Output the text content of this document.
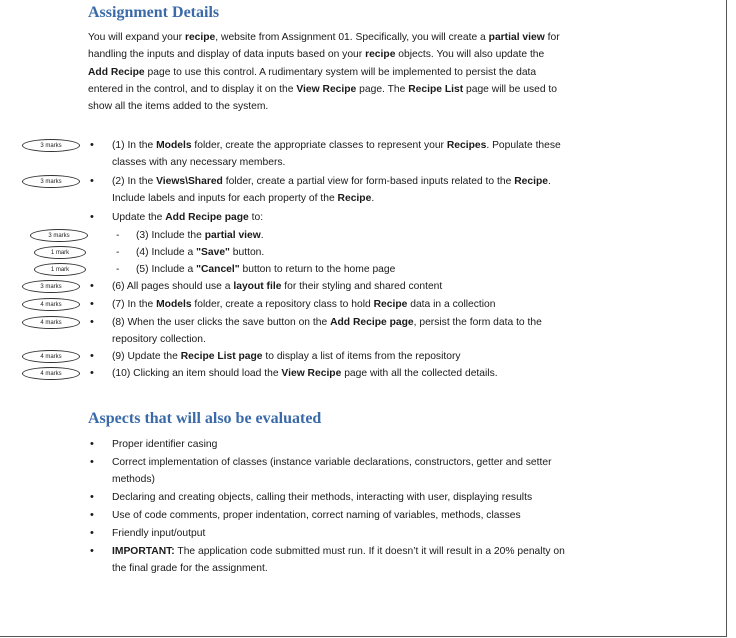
Assignment Details
You will expand your recipe, website from Assignment 01. Specifically, you will create a partial view for
handling the inputs and display of data inputs based on your recipe objects. You will also update the
Add Recipe page to use this control. A rudimentary system will be implemented to persist the data
entered in the control, and to display it on the View Recipe page. The Recipe List page will be used to
show all the items added to the system.
3 marks	• (1) In the Models folder, create the appropriate classes to represent your Recipes. Populate these
classes with any necessary members.
3 marks	• (2) In the Views\Shared folder, create a partial view for form-based inputs related to the Recipe.
Include labels and inputs for each property of the Recipe.
• Update the Add Recipe page to:
3 marks	- (3) Include the partial view.
1 mark	- (4) Include a "Save" button.
1 mark	- (5) Include a "Cancel" button to return to the home page
3 marks	• (6) All pages should use a layout file for their styling and shared content
4 marks	• (7) In the Models folder, create a repository class to hold Recipe data in a collection
4 marks	• (8) When the user clicks the save button on the Add Recipe page, persist the form data to the
repository collection.
4 marks	• (9) Update the Recipe List page to display a list of items from the repository
4 marks	• (10) Clicking an item should load the View Recipe page with all the collected details.
Aspects that will also be evaluated
• Proper identifier casing
• Correct implementation of classes (instance variable declarations, constructors, getter and setter
methods)
• Declaring and creating objects, calling their methods, interacting with user, displaying results
• Use of code comments, proper indentation, correct naming of variables, methods, classes
• Friendly input/output
• IMPORTANT: The application code submitted must run. If it doesn’t it will result in a 20% penalty on
the final grade for the assignment.
